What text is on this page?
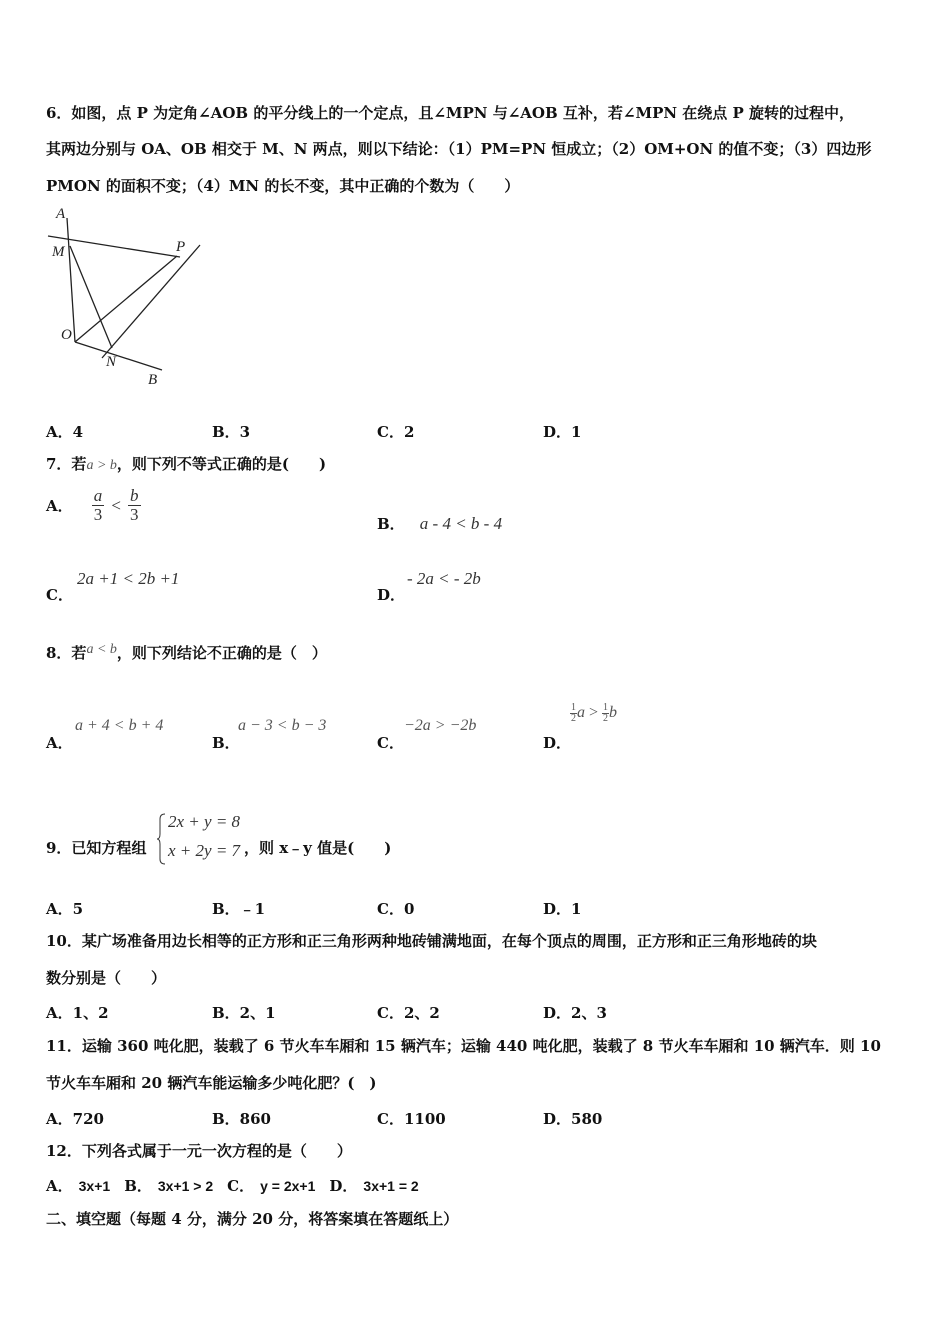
6．如图，点 P 为定角∠AOB 的平分线上的一个定点，且∠MPN 与∠AOB 互补，若∠MPN 在绕点 P 旋转的过程中，
其两边分别与 OA、OB 相交于 M、N 两点，则以下结论：（1）PM=PN 恒成立；（2）OM+ON 的值不变；（3）四边形
PMON 的面积不变；（4）MN 的长不变，其中正确的个数为（　　）
A
M	P
O
N
B
A．4	B．3	C．2	D．1
7．若a > b，则下列不等式正确的是(　　)
A． $\frac{a}{3} < \frac{b}{3}$	B． a - 4 < b - 4
C．
2a +1 < 2b +1
D．
- 2a < - 2b
8．若a < b，则下列结论不正确的是（　）
A．
a + 4 < b + 4
B．
a − 3 < b − 3
C．
−2a > −2b
D．
$\frac{1}{2}$ $a > \frac{1}{2}$ b
9．已知方程组
2x + y = 8
x + 2y = 7 ，则 x﹣y 值是(　　)
A．5	B．﹣1	C．0	D．1
10．某广场准备用边长相等的正方形和正三角形两种地砖铺满地面，在每个顶点的周围，正方形和正三角形地砖的块
数分别是（　　）
A．1、2	B．2、1	C．2、2	D．2、3
11．运输 360 吨化肥，装载了 6 节火车车厢和 15 辆汽车；运输 440 吨化肥，装载了 8 节火车车厢和 10 辆汽车．则 10
节火车车厢和 20 辆汽车能运输多少吨化肥？(　)
A．720	B．860	C．1100	D．580
12．下列各式属于一元一次方程的是（　　）
A． 3x+1 B． 3x+1 > 2 C． y = 2x+1 D． 3x+1 = 2
二、填空题（每题 4 分，满分 20 分，将答案填在答题纸上）
